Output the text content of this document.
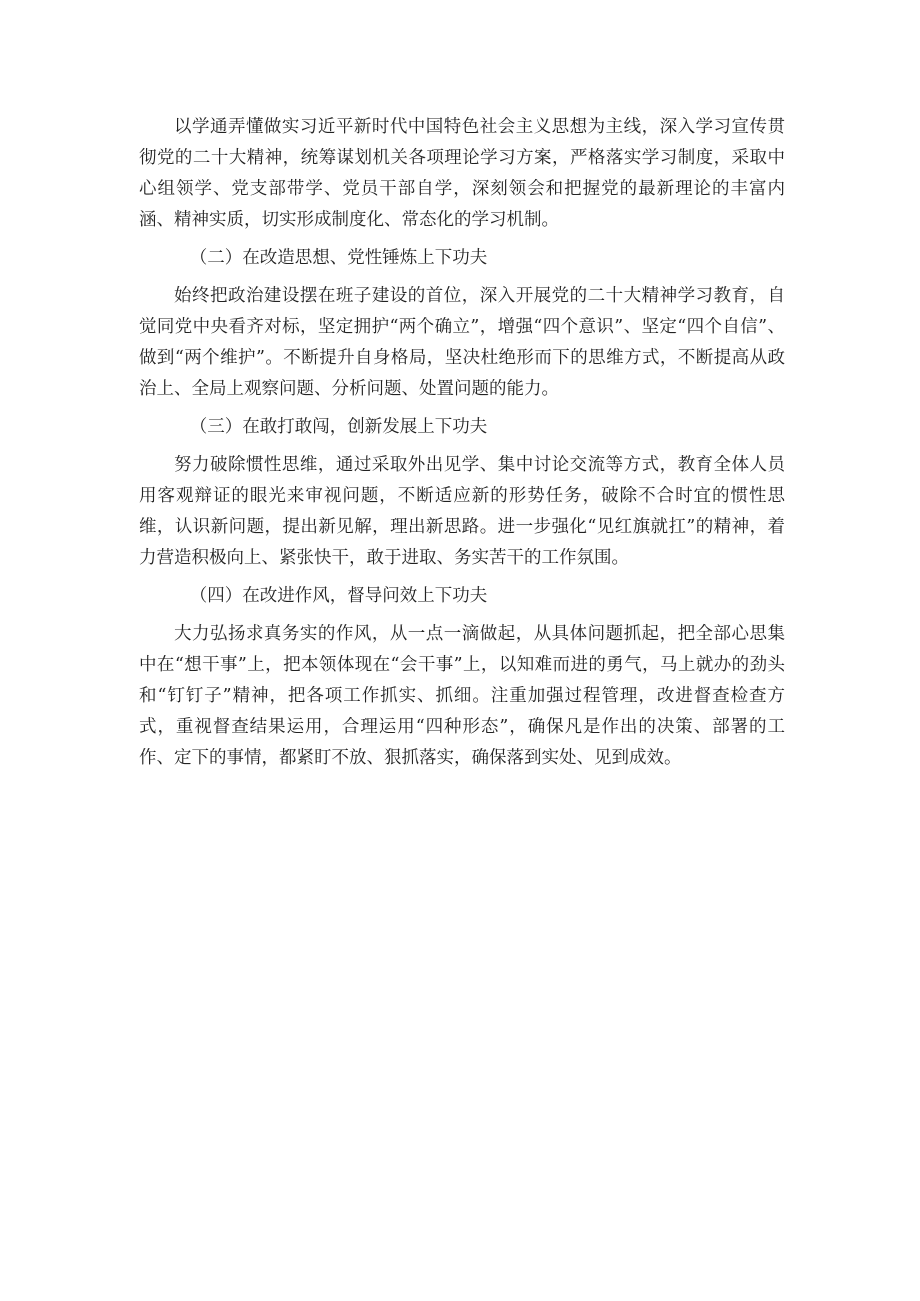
以学通弄懂做实习近平新时代中国特色社会主义思想为主线，深入学习宣传贯彻党的二十大精神，统筹谋划机关各项理论学习方案，严格落实学习制度，采取中心组领学、党支部带学、党员干部自学，深刻领会和把握党的最新理论的丰富内涵、精神实质，切实形成制度化、常态化的学习机制。

（二）在改造思想、党性锤炼上下功夫

始终把政治建设摆在班子建设的首位，深入开展党的二十大精神学习教育，自觉同党中央看齐对标，坚定拥护“两个确立”，增强“四个意识”、坚定“四个自信”、做到“两个维护”。不断提升自身格局，坚决杜绝形而下的思维方式，不断提高从政治上、全局上观察问题、分析问题、处置问题的能力。

（三）在敢打敢闯，创新发展上下功夫

努力破除惯性思维，通过采取外出见学、集中讨论交流等方式，教育全体人员用客观辩证的眼光来审视问题，不断适应新的形势任务，破除不合时宜的惯性思维，认识新问题，提出新见解，理出新思路。进一步强化“见红旗就扛”的精神，着力营造积极向上、紧张快干，敢于进取、务实苦干的工作氛围。

（四）在改进作风，督导问效上下功夫

大力弘扬求真务实的作风，从一点一滴做起，从具体问题抓起，把全部心思集中在“想干事”上，把本领体现在“会干事”上，以知难而进的勇气，马上就办的劲头和“钉钉子”精神，把各项工作抓实、抓细。注重加强过程管理，改进督查检查方式，重视督查结果运用，合理运用“四种形态”，确保凡是作出的决策、部署的工作、定下的事情，都紧盯不放、狠抓落实，确保落到实处、见到成效。
